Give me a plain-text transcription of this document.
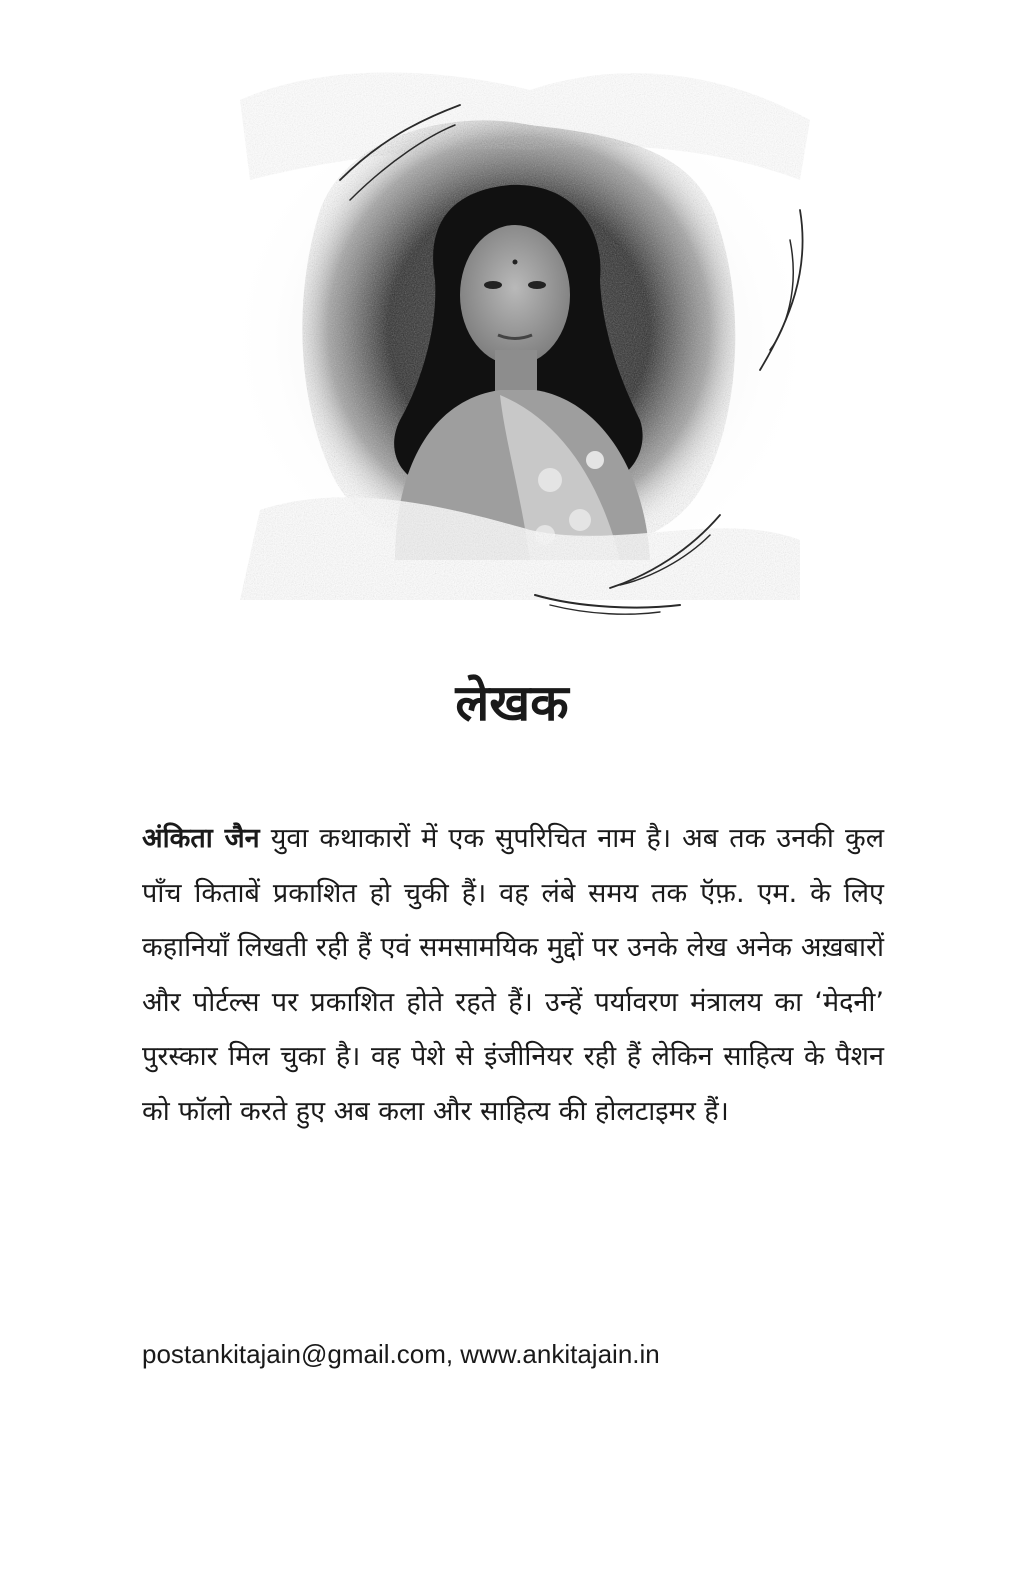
लेखक
अंकिता जैन युवा कथाकारों में एक सुपरिचित नाम है। अब तक उनकी कुल पाँच किताबें प्रकाशित हो चुकी हैं। वह लंबे समय तक ऍफ़. एम. के लिए कहानियाँ लिखती रही हैं एवं समसामयिक मुद्दों पर उनके लेख अनेक अख़बारों और पोर्टल्स पर प्रकाशित होते रहते हैं। उन्हें पर्यावरण मंत्रालय का ‘मेदनी’ पुरस्कार मिल चुका है। वह पेशे से इंजीनियर रही हैं लेकिन साहित्य के पैशन को फॉलो करते हुए अब कला और साहित्य की होलटाइमर हैं।
postankitajain@gmail.com, www.ankitajain.in
